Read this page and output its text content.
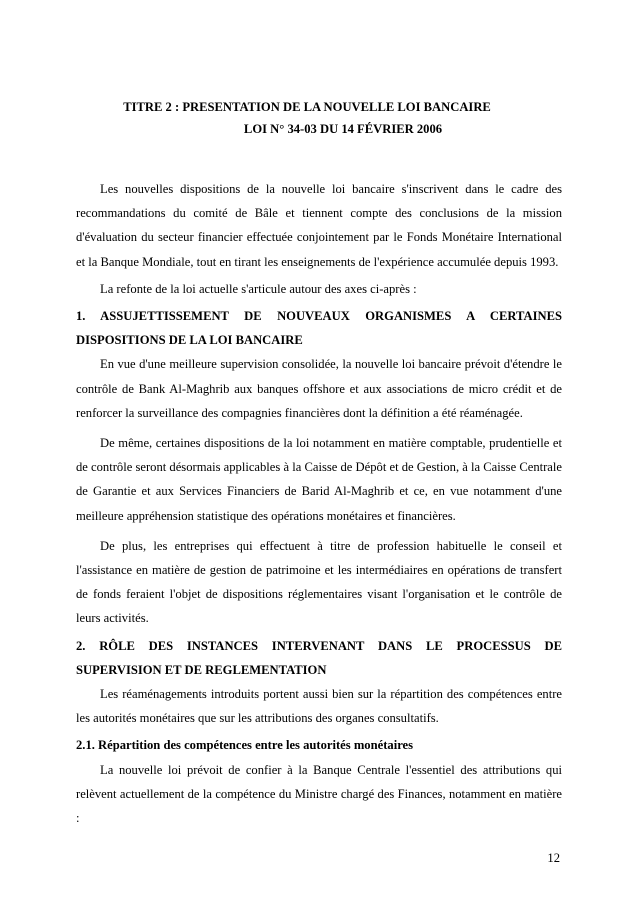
TITRE 2 : PRESENTATION DE LA NOUVELLE LOI BANCAIRE
LOI N° 34-03 DU 14 FÉVRIER 2006

Les nouvelles dispositions de la nouvelle loi bancaire s'inscrivent dans le cadre des recommandations du comité de Bâle et tiennent compte des conclusions de la mission d'évaluation du secteur financier effectuée conjointement par le Fonds Monétaire International et la Banque Mondiale, tout en tirant les enseignements de l'expérience accumulée depuis 1993.

La refonte de la loi actuelle s'articule autour des axes ci-après :

1. ASSUJETTISSEMENT DE NOUVEAUX ORGANISMES A CERTAINES

DISPOSITIONS DE LA LOI BANCAIRE

En vue d'une meilleure supervision consolidée, la nouvelle loi bancaire prévoit d'étendre le contrôle de Bank Al-Maghrib aux banques offshore et aux associations de micro crédit et de renforcer la surveillance des compagnies financières dont la définition a été réaménagée.

De même, certaines dispositions de la loi notamment en matière comptable, prudentielle et de contrôle seront désormais applicables à la Caisse de Dépôt et de Gestion, à la Caisse Centrale de Garantie et aux Services Financiers de Barid Al-Maghrib et ce, en vue notamment d'une meilleure appréhension statistique des opérations monétaires et financières.

De plus, les entreprises qui effectuent à titre de profession habituelle le conseil et l'assistance en matière de gestion de patrimoine et les intermédiaires en opérations de transfert de fonds feraient l'objet de dispositions réglementaires visant l'organisation et le contrôle de leurs activités.

2. RÔLE DES INSTANCES INTERVENANT DANS LE PROCESSUS DE

SUPERVISION ET DE REGLEMENTATION

Les réaménagements introduits portent aussi bien sur la répartition des compétences entre les autorités monétaires que sur les attributions des organes consultatifs.

2.1. Répartition des compétences entre les autorités monétaires

La nouvelle loi prévoit de confier à la Banque Centrale l'essentiel des attributions qui relèvent actuellement de la compétence du Ministre chargé des Finances, notamment en matière :

12
